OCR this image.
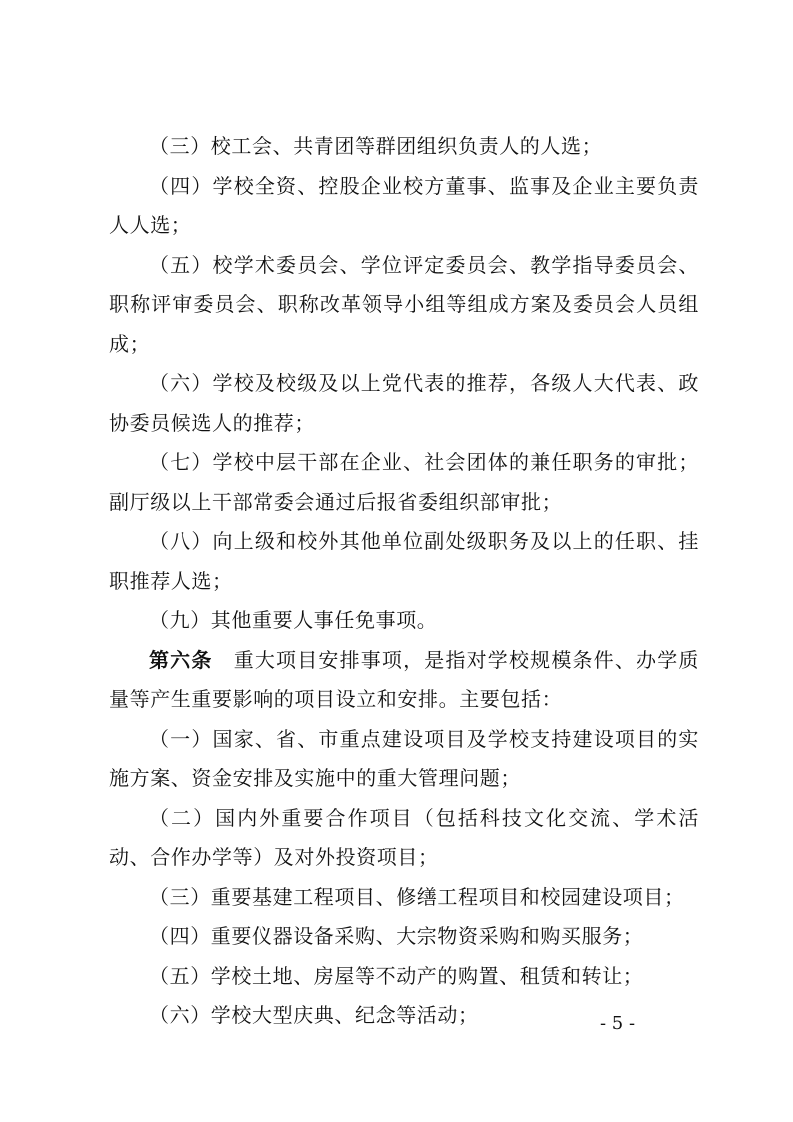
（三）校工会、共青团等群团组织负责人的人选；

（四）学校全资、控股企业校方董事、监事及企业主要负责人人选；

（五）校学术委员会、学位评定委员会、教学指导委员会、职称评审委员会、职称改革领导小组等组成方案及委员会人员组成；

（六）学校及校级及以上党代表的推荐，各级人大代表、政协委员候选人的推荐；

（七）学校中层干部在企业、社会团体的兼任职务的审批；副厅级以上干部常委会通过后报省委组织部审批；

（八）向上级和校外其他单位副处级职务及以上的任职、挂职推荐人选；

（九）其他重要人事任免事项。

第六条　重大项目安排事项，是指对学校规模条件、办学质量等产生重要影响的项目设立和安排。主要包括：

（一）国家、省、市重点建设项目及学校支持建设项目的实施方案、资金安排及实施中的重大管理问题；

（二）国内外重要合作项目（包括科技文化交流、学术活动、合作办学等）及对外投资项目；

（三）重要基建工程项目、修缮工程项目和校园建设项目；

（四）重要仪器设备采购、大宗物资采购和购买服务；

（五）学校土地、房屋等不动产的购置、租赁和转让；

（六）学校大型庆典、纪念等活动；	- 5 -
